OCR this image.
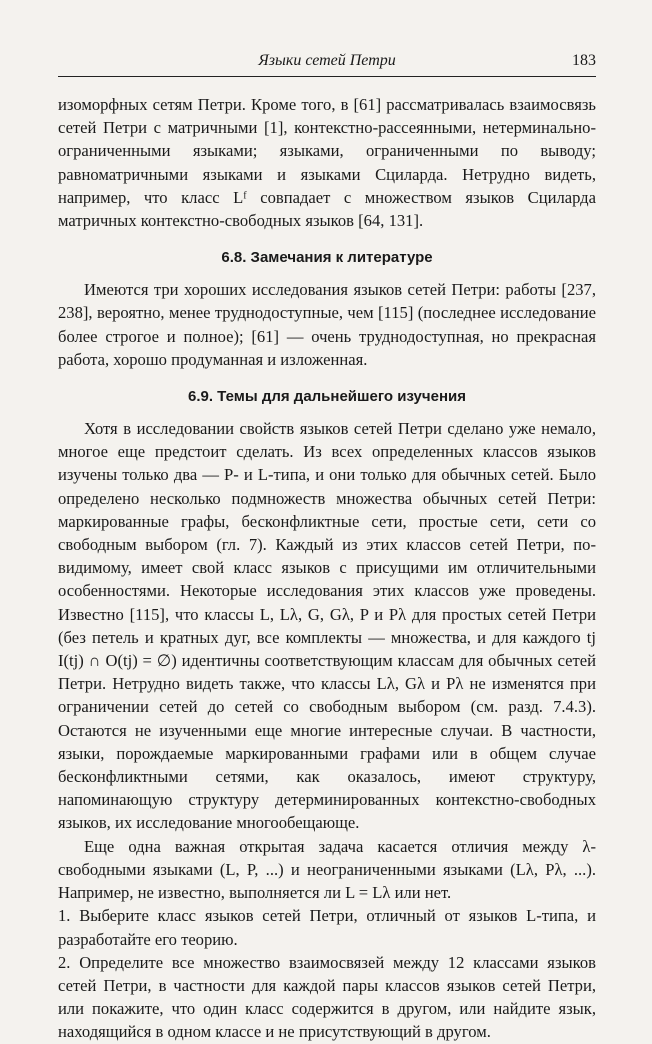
Языки сетей Петри	183

изоморфных сетям Петри. Кроме того, в [61] рассматривалась взаимосвязь сетей Петри с матричными [1], контекстно-рассеянными, нетерминально-ограниченными языками; языками, ограниченными по выводу; равноматричными языками и языками Сциларда. Нетрудно видеть, например, что класс Lᶠ совпадает с множеством языков Сциларда матричных контекстно-свободных языков [64, 131].

6.8. Замечания к литературе

Имеются три хороших исследования языков сетей Петри: работы [237, 238], вероятно, менее труднодоступные, чем [115] (последнее исследование более строгое и полное); [61] — очень труднодоступная, но прекрасная работа, хорошо продуманная и изложенная.

6.9. Темы для дальнейшего изучения

Хотя в исследовании свойств языков сетей Петри сделано уже немало, многое еще предстоит сделать. Из всех определенных классов языков изучены только два — P- и L-типа, и они только для обычных сетей. Было определено несколько подмножеств множества обычных сетей Петри: маркированные графы, бесконфликтные сети, простые сети, сети со свободным выбором (гл. 7). Каждый из этих классов сетей Петри, по-видимому, имеет свой класс языков с присущими им отличительными особенностями. Некоторые исследования этих классов уже проведены. Известно [115], что классы L, Lλ, G, Gλ, P и Pλ для простых сетей Петри (без петель и кратных дуг, все комплекты — множества, и для каждого tj I(tj) ∩ O(tj) = ∅) идентичны соответствующим классам для обычных сетей Петри. Нетрудно видеть также, что классы Lλ, Gλ и Pλ не изменятся при ограничении сетей до сетей со свободным выбором (см. разд. 7.4.3). Остаются не изученными еще многие интересные случаи. В частности, языки, порождаемые маркированными графами или в общем случае бесконфликтными сетями, как оказалось, имеют структуру, напоминающую структуру детерминированных контекстно-свободных языков, их исследование многообещающе.

Еще одна важная открытая задача касается отличия между λ-свободными языками (L, P, ...) и неограниченными языками (Lλ, Pλ, ...). Например, не известно, выполняется ли L = Lλ или нет.

1. Выберите класс языков сетей Петри, отличный от языков L-типа, и разработайте его теорию.

2. Определите все множество взаимосвязей между 12 классами языков сетей Петри, в частности для каждой пары классов языков сетей Петри, или покажите, что один класс содержится в другом, или найдите язык, находящийся в одном классе и не присутствующий в другом.
